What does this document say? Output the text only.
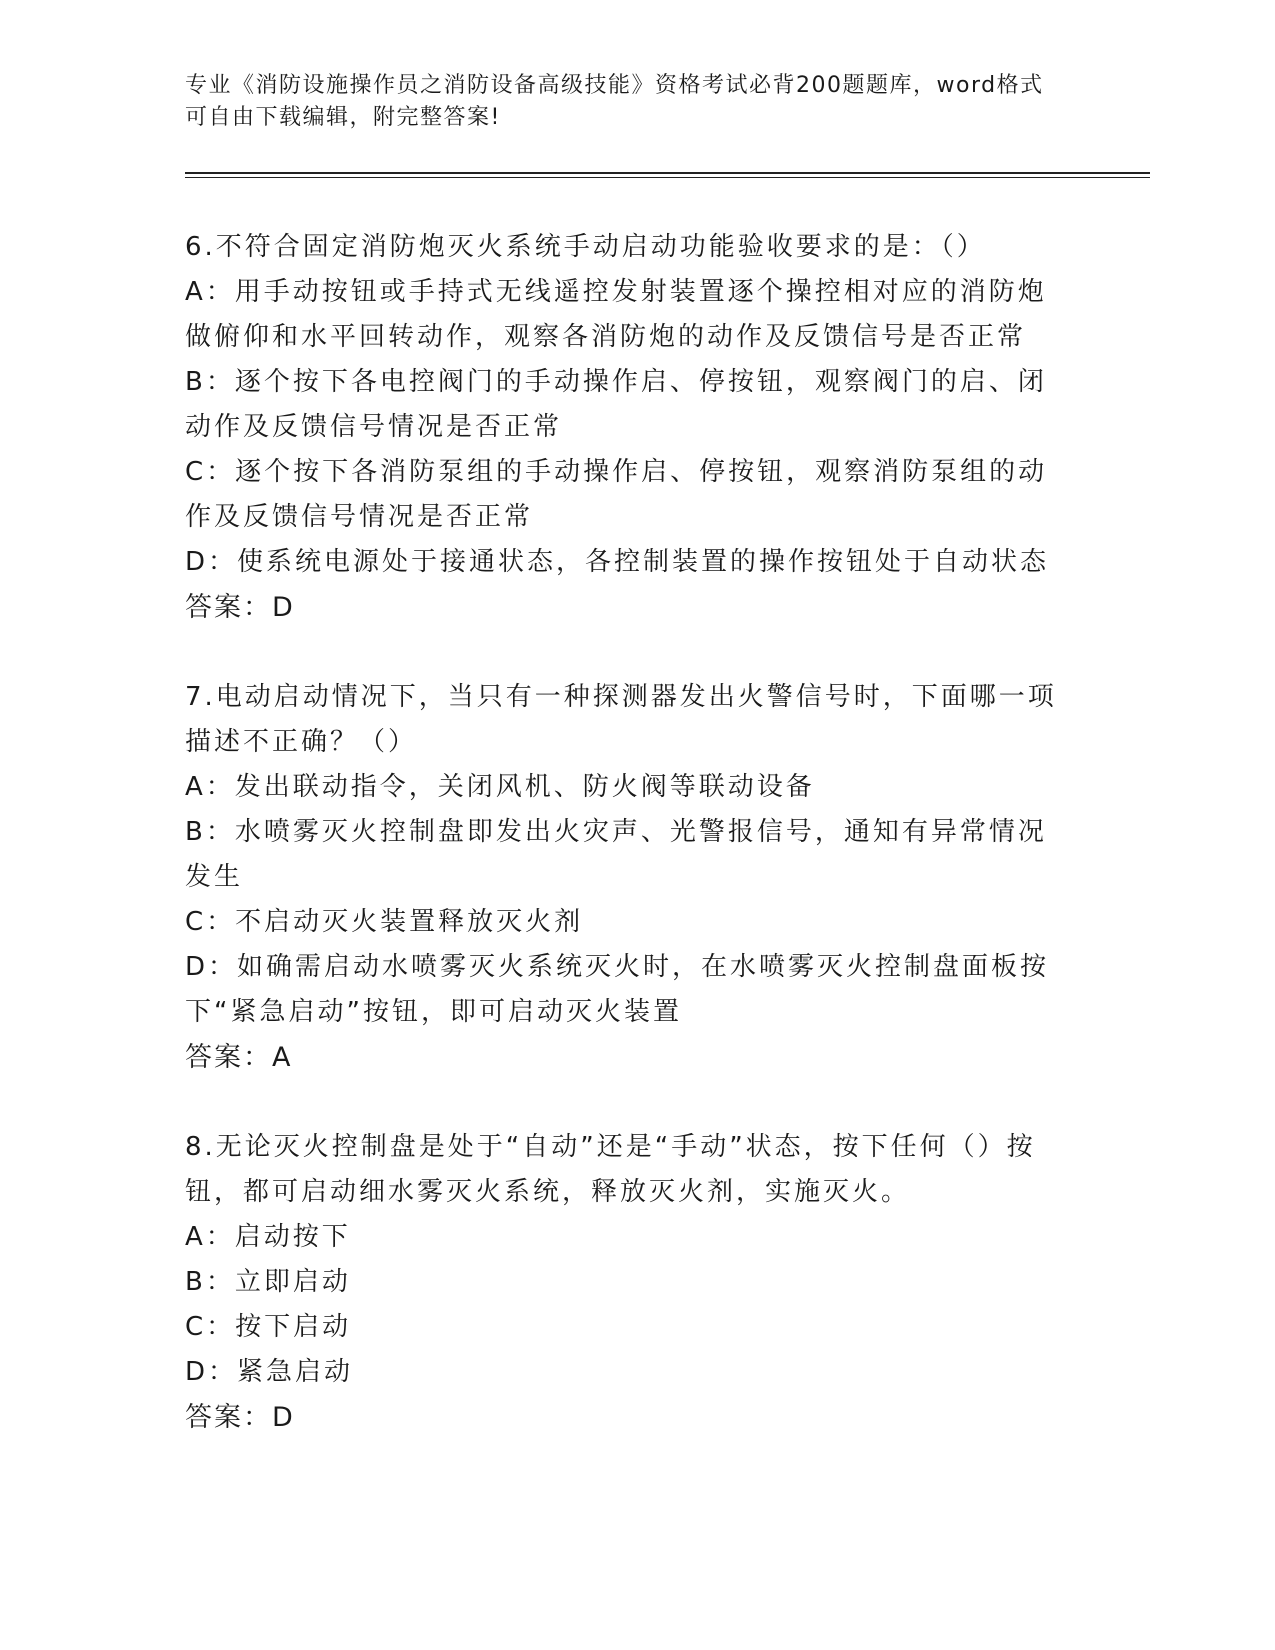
专业《消防设施操作员之消防设备高级技能》资格考试必背200题题库，word格式可自由下载编辑，附完整答案!

6.不符合固定消防炮灭火系统手动启动功能验收要求的是：（）

A：用手动按钮或手持式无线遥控发射装置逐个操控相对应的消防炮做俯仰和水平回转动作，观察各消防炮的动作及反馈信号是否正常

B：逐个按下各电控阀门的手动操作启、停按钮，观察阀门的启、闭动作及反馈信号情况是否正常

C：逐个按下各消防泵组的手动操作启、停按钮，观察消防泵组的动作及反馈信号情况是否正常

D：使系统电源处于接通状态，各控制装置的操作按钮处于自动状态

答案：D

7.电动启动情况下，当只有一种探测器发出火警信号时，下面哪一项描述不正确？（）

A：发出联动指令，关闭风机、防火阀等联动设备

B：水喷雾灭火控制盘即发出火灾声、光警报信号，通知有异常情况发生

C：不启动灭火装置释放灭火剂

D：如确需启动水喷雾灭火系统灭火时，在水喷雾灭火控制盘面板按下“紧急启动”按钮，即可启动灭火装置

答案：A

8.无论灭火控制盘是处于“自动”还是“手动”状态，按下任何（）按钮，都可启动细水雾灭火系统，释放灭火剂，实施灭火。

A：启动按下

B：立即启动

C：按下启动

D：紧急启动

答案：D
